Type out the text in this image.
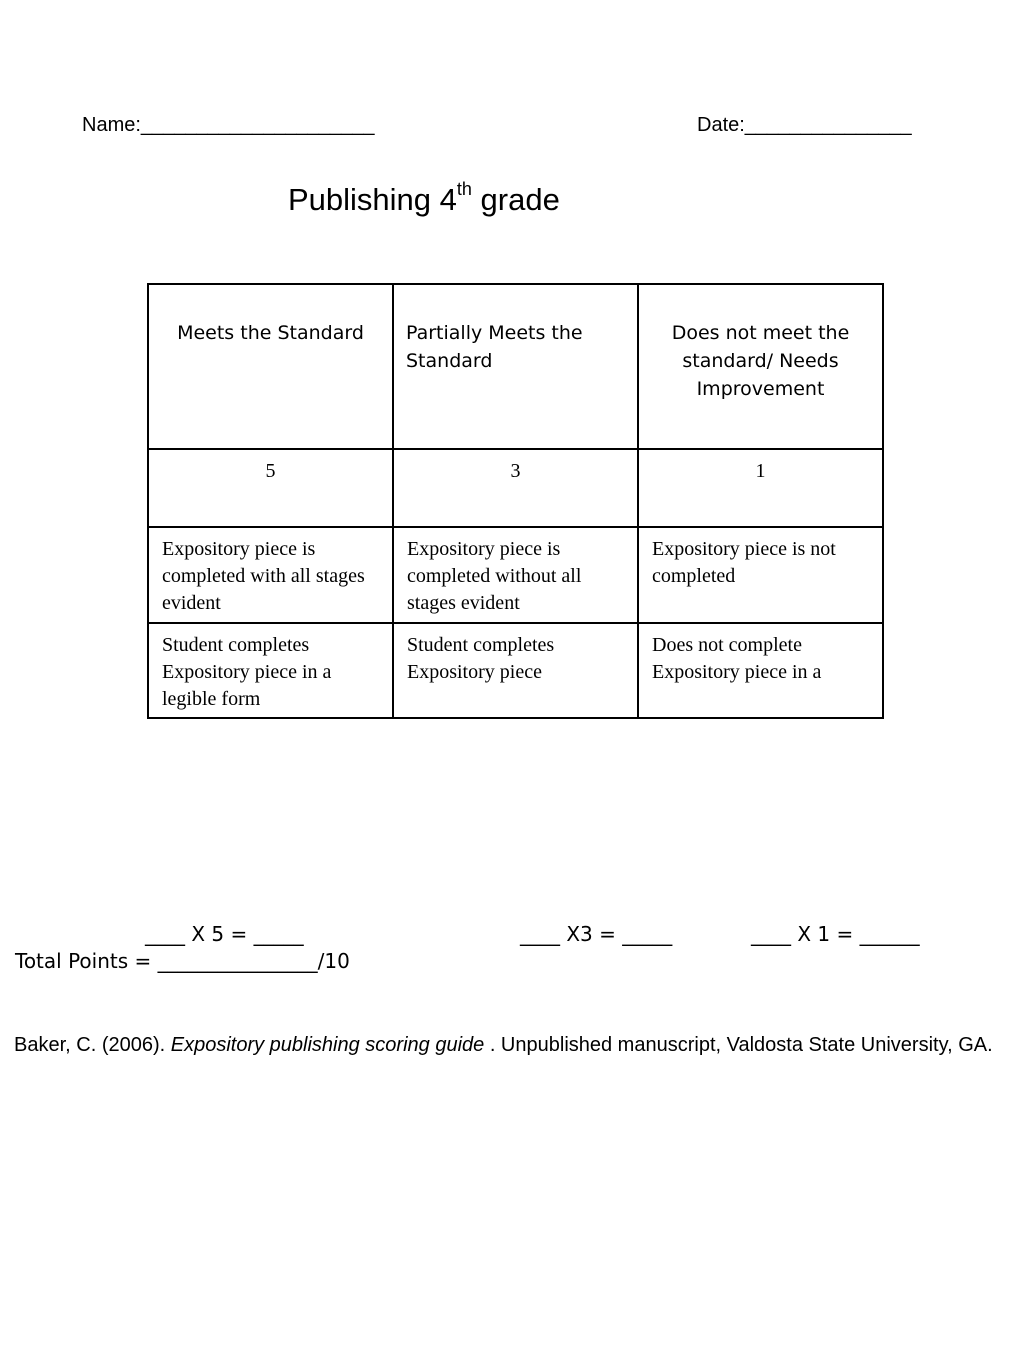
Name:_____________________	Date:_______________
Publishing 4th grade
Meets the Standard	Partially Meets the Standard	Does not meet the standard/ Needs Improvement

5	3	1

Expository piece is completed with all stages evident	Expository piece is completed without all stages evident	Expository piece is not completed

Student completes Expository piece in a legible form	Student completes Expository piece	Does not complete Expository piece in a
____ X 5 = _____	____ X3 = _____	____ X 1 = ______
Total Points = ________________/10
Baker, C. (2006). Expository publishing scoring guide . Unpublished manuscript, Valdosta State University, GA.
